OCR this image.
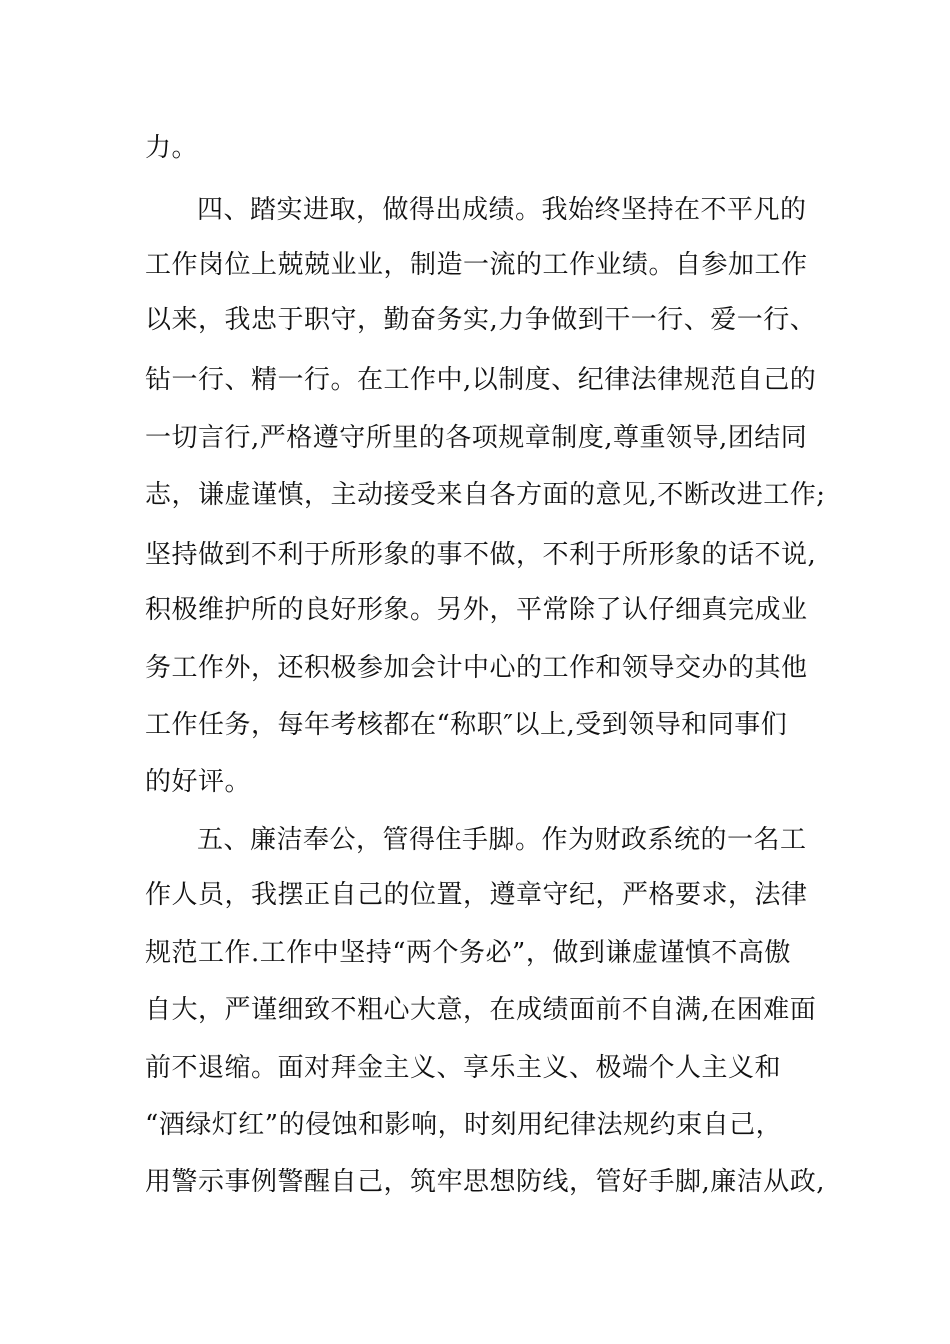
力。
四、踏实进取，做得出成绩。我始终坚持在不平凡的
工作岗位上兢兢业业，制造一流的工作业绩。自参加工作
以来，我忠于职守，勤奋务实,力争做到干一行、爱一行、
钻一行、精一行。在工作中,以制度、纪律法律规范自己的
一切言行,严格遵守所里的各项规章制度,尊重领导,团结同
志，谦虚谨慎，主动接受来自各方面的意见,不断改进工作;
坚持做到不利于所形象的事不做，不利于所形象的话不说,
积极维护所的良好形象。另外，平常除了认仔细真完成业
务工作外，还积极参加会计中心的工作和领导交办的其他
工作任务，每年考核都在“称职″以上,受到领导和同事们
的好评。
五、廉洁奉公，管得住手脚。作为财政系统的一名工
作人员，我摆正自己的位置，遵章守纪，严格要求，法律
规范工作.工作中坚持“两个务必”，做到谦虚谨慎不高傲
自大，严谨细致不粗心大意，在成绩面前不自满,在困难面
前不退缩。面对拜金主义、享乐主义、极端个人主义和
“酒绿灯红”的侵蚀和影响，时刻用纪律法规约束自己，
用警示事例警醒自己，筑牢思想防线，管好手脚,廉洁从政,
